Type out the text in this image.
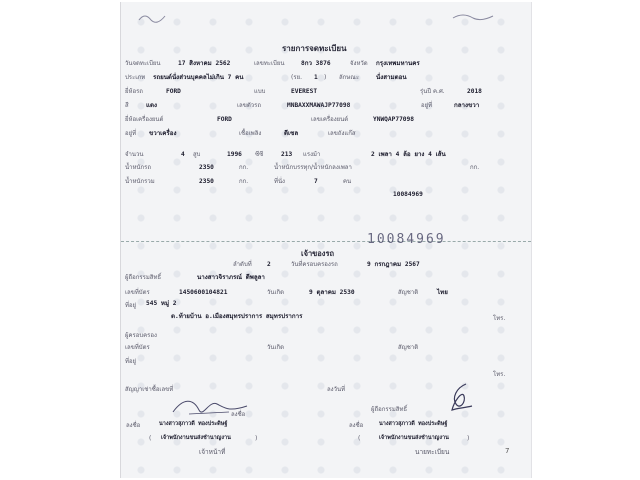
รายการจดทะเบียน
วันจดทะเบียน	17 สิงหาคม 2562	เลขทะเบียน	8กว 3876	จังหวัด กรุงเทพมหานคร
ประเภท รถยนต์นั่งส่วนบุคคลไม่เกิน 7 คน	(รย. 1 ) ลักษณะ	นั่งสามตอน
ยี่ห้อรถ	FORD	แบบ	EVEREST	รุ่นปี ค.ศ.	2018
สี	แดง	เลขตัวรถ	MNBAXXMAWAJP77098	อยู่ที่	กลางขวา
ยี่ห้อเครื่องยนต์	FORD	เลขเครื่องยนต์	YNWQAP77098
อยู่ที่ ขวาเครื่อง	เชื้อเพลิง	ดีเซล	เลขถังแก๊ส
จำนวน	4 สูบ	1996 ซีซี	213 แรงม้า	2 เพลา 4 ล้อ ยาง 4 เส้น
น้ำหนักรถ	2350	กก.	น้ำหนักบรรทุก/น้ำหนักลงเพลา	กก.
น้ำหนักรวม	2350	กก.	ที่นั่ง	7	คน
10084969
10084969
เจ้าของรถ
ลำดับที่ 2	วันที่ครอบครองรถ	9 กรกฎาคม 2567
ผู้ถือกรรมสิทธิ์	นางสาวจิราภรณ์ ดีพลูลา
เลขที่บัตร	1450600104821	วันเกิด	9 ตุลาคม 2530	สัญชาติ	ไทย
ที่อยู่ 545 หมู่ 2
ต.ท้ายบ้าน อ.เมืองสมุทรปราการ สมุทรปราการ	โทร.
ผู้ครอบครอง
เลขที่บัตร	วันเกิด	สัญชาติ
ที่อยู่
โทร.
สัญญาเช่าซื้อเลขที่	ลงวันที่
ลงชื่อ
ผู้ถือกรรมสิทธิ์
ลงชื่อ	นางสาวสุภาวดี ทองประดิษฐ์	ลงชื่อ	นางสาวสุภาวดี ทองประดิษฐ์
( เจ้าพนักงานขนส่งชำนาญงาน	)	(	เจ้าพนักงานขนส่งชำนาญงาน	)
เจ้าหน้าที่	นายทะเบียน	7
